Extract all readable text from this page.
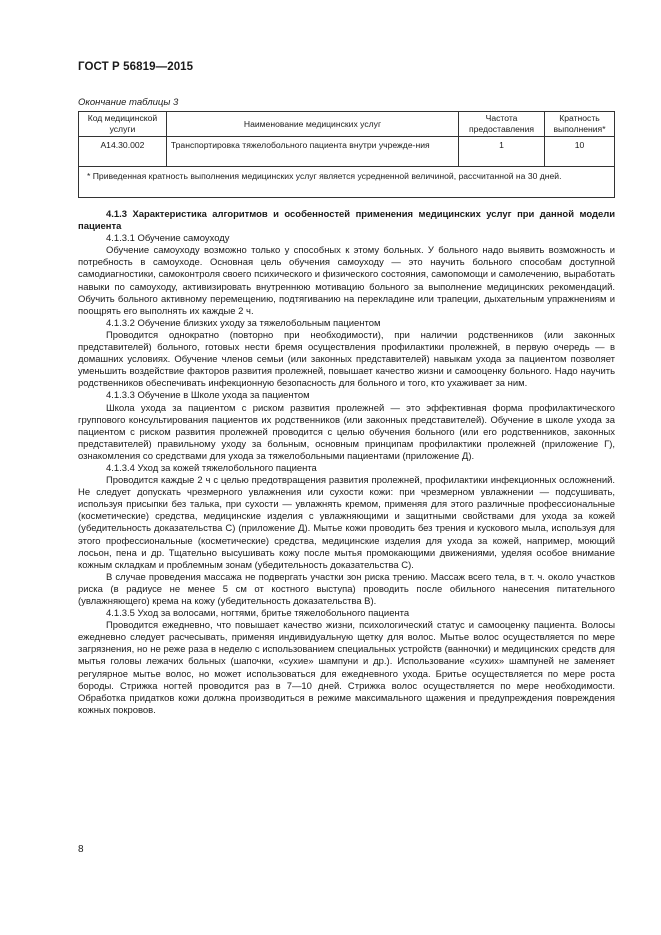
ГОСТ Р 56819—2015
Окончание таблицы 3
Код медицинской услуги	Наименование медицинских услуг	Частота предоставления	Кратность выполнения*
А14.30.002	Транспортировка тяжелобольного пациента внутри учрежде-ния	1	10
* Приведенная кратность выполнения медицинских услуг является усредненной величиной, рассчитанной на 30 дней.			

4.1.3 Характеристика алгоритмов и особенностей применения медицинских услуг при данной модели пациента

4.1.3.1 Обучение самоуходу

Обучение самоуходу возможно только у способных к этому больных. У больного надо выявить возможность и потребность в самоуходе. Основная цель обучения самоуходу — это научить больного способам доступной самодиагностики, самоконтроля своего психического и физического состояния, самопомощи и самолечению, выработать навыки по самоуходу, активизировать внутреннюю мотивацию больного за выполнение медицинских рекомендаций. Обучить больного активному перемещению, подтягиванию на перекладине или трапеции, дыхательным упражнениям и поощрять его выполнять их каждые 2 ч.

4.1.3.2 Обучение близких уходу за тяжелобольным пациентом

Проводится однократно (повторно при необходимости), при наличии родственников (или законных представителей) больного, готовых нести бремя осуществления профилактики пролежней, в первую очередь — в домашних условиях. Обучение членов семьи (или законных представителей) навыкам ухода за пациентом позволяет уменьшить воздействие факторов развития пролежней, повышает качество жизни и самооценку больного. Надо научить родственников обеспечивать инфекционную безопасность для больного и того, кто ухаживает за ним.

4.1.3.3 Обучение в Школе ухода за пациентом

Школа ухода за пациентом с риском развития пролежней — это эффективная форма профилактического группового консультирования пациентов их родственников (или законных представителей). Обучение в школе ухода за пациентом с риском развития пролежней проводится с целью обучения больного (или его родственников, законных представителей) правильному уходу за больным, основным принципам профилактики пролежней (приложение Г), ознакомления со средствами для ухода за тяжелобольными пациентами (приложение Д).

4.1.3.4 Уход за кожей тяжелобольного пациента

Проводится каждые 2 ч с целью предотвращения развития пролежней, профилактики инфекционных осложнений. Не следует допускать чрезмерного увлажнения или сухости кожи: при чрезмерном увлажнении — подсушивать, используя присыпки без талька, при сухости — увлажнять кремом, применяя для этого различные профессиональные (косметические) средства, медицинские изделия с увлажняющими и защитными свойствами для ухода за кожей (убедительность доказательства С) (приложение Д). Мытье кожи проводить без трения и кускового мыла, используя для этого профессиональные (косметические) средства, медицинские изделия для ухода за кожей, например, моющий лосьон, пена и др. Тщательно высушивать кожу после мытья промокающими движениями, уделяя особое внимание кожным складкам и проблемным зонам (убедительность доказательства С).

В случае проведения массажа не подвергать участки зон риска трению. Массаж всего тела, в т. ч. около участков риска (в радиусе не менее 5 см от костного выступа) проводить после обильного нанесения питательного (увлажняющего) крема на кожу (убедительность доказательства В).

4.1.3.5 Уход за волосами, ногтями, бритье тяжелобольного пациента

Проводится ежедневно, что повышает качество жизни, психологический статус и самооценку пациента. Волосы ежедневно следует расчесывать, применяя индивидуальную щетку для волос. Мытье волос осуществляется по мере загрязнения, но не реже раза в неделю с использованием специальных устройств (ванночки) и медицинских средств для мытья головы лежачих больных (шапочки, «сухие» шампуни и др.). Использование «сухих» шампуней не заменяет регулярное мытье волос, но может использоваться для ежедневного ухода. Бритье осуществляется по мере роста бороды. Стрижка ногтей проводится раз в 7—10 дней. Стрижка волос осуществляется по мере необходимости. Обработка придатков кожи должна производиться в режиме максимального щажения и предупреждения повреждения кожных покровов.

8
